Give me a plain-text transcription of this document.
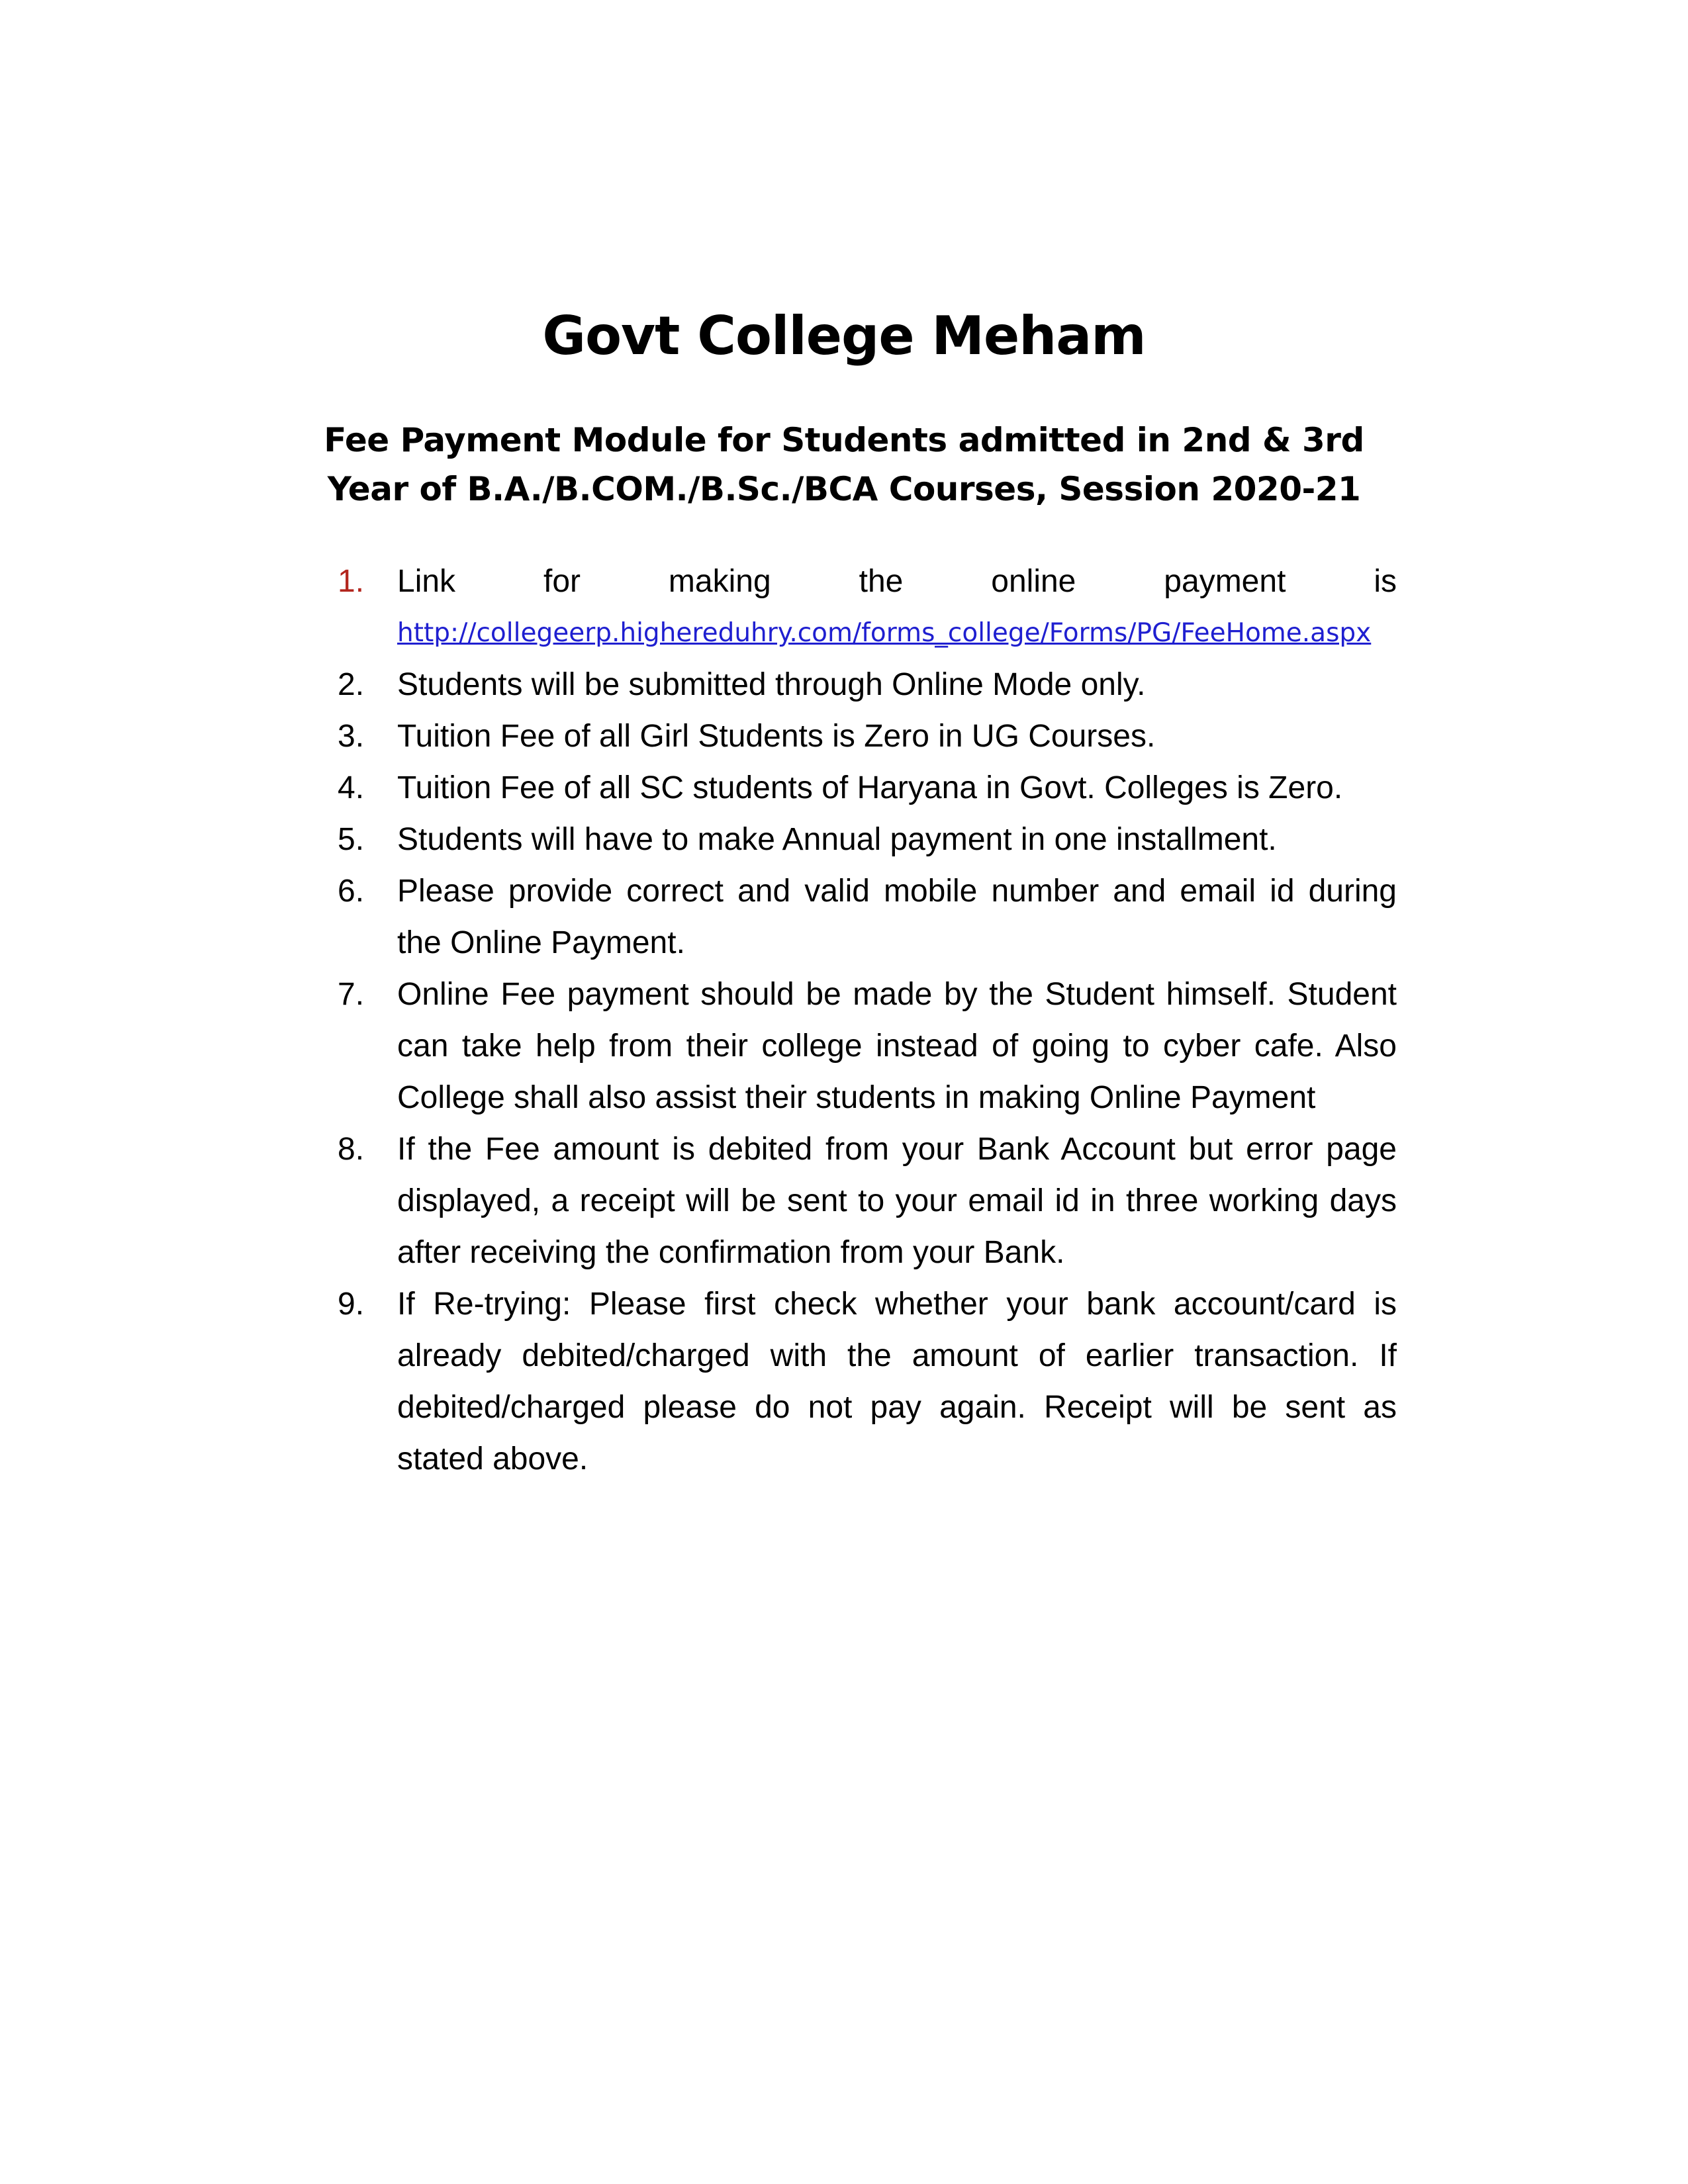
Govt College Meham
Fee Payment Module for Students admitted in 2nd & 3rd Year of B.A./B.COM./B.Sc./BCA Courses, Session 2020-21
1.	Link for making the online payment is
http://collegeerp.highereduhry.com/forms_college/Forms/PG/FeeHome.aspx
2.	Students will be submitted through Online Mode only.
3.	Tuition Fee of all Girl Students is Zero in UG Courses.
4.	Tuition Fee of all SC students of Haryana in Govt. Colleges is Zero.
5.	Students will have to make Annual payment in one installment.
6.	Please provide correct and valid mobile number and email id during the Online Payment.
7.	Online Fee payment should be made by the Student himself. Student can take help from their college instead of going to cyber cafe. Also College shall also assist their students in making Online Payment
8.	If the Fee amount is debited from your Bank Account but error page displayed, a receipt will be sent to your email id in three working days after receiving the confirmation from your Bank.
9.	If Re-trying: Please first check whether your bank account/card is already debited/charged with the amount of earlier transaction. If debited/charged please do not pay again. Receipt will be sent as stated above.
